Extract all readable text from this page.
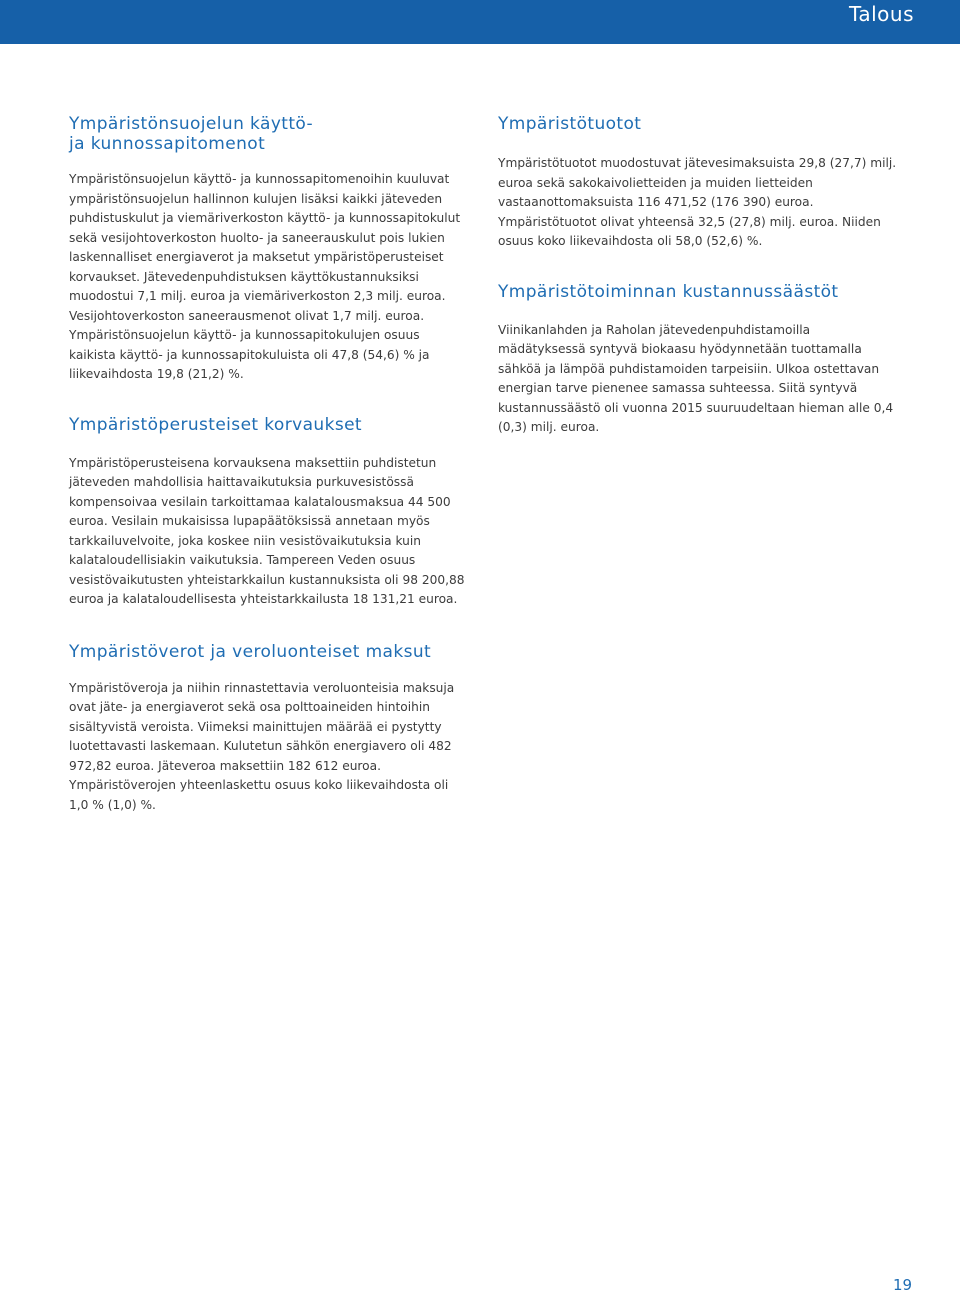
Talous
Ympäristönsuojelun käyttö- ja kunnossapitomenot

Ympäristönsuojelun käyttö- ja kunnossapitomenoihin kuuluvat ympäristönsuojelun hallinnon kulujen lisäksi kaikki jäteveden puhdistuskulut ja viemäriverkoston käyttö- ja kunnossapitokulut sekä vesijohtoverkoston huolto- ja saneerauskulut pois lukien laskennalliset energiaverot ja maksetut ympäristöperusteiset korvaukset. Jätevedenpuhdistuksen käyttökustannuksiksi muodostui 7,1 milj. euroa ja viemäriverkoston 2,3 milj. euroa. Vesijohtoverkoston saneerausmenot olivat 1,7 milj. euroa. Ympäristönsuojelun käyttö- ja kunnossapitokulujen osuus kaikista käyttö- ja kunnossapitokuluista oli 47,8 (54,6) % ja liikevaihdosta 19,8 (21,2) %.

Ympäristöperusteiset korvaukset

Ympäristöperusteisena korvauksena maksettiin puhdistetun jäteveden mahdollisia haittavaikutuksia purkuvesistössä kompensoivaa vesilain tarkoittamaa kalatalousmaksua 44 500 euroa. Vesilain mukaisissa lupapäätöksissä annetaan myös tarkkailuvelvoite, joka koskee niin vesistövaikutuksia kuin kalataloudellisiakin vaikutuksia. Tampereen Veden osuus vesistövaikutusten yhteistarkkailun kustannuksista oli 98 200,88 euroa ja kalataloudellisesta yhteistarkkailusta 18 131,21 euroa.

Ympäristöverot ja veroluonteiset maksut

Ympäristöveroja ja niihin rinnastettavia veroluonteisia maksuja ovat jäte- ja energiaverot sekä osa polttoaineiden hintoihin sisältyvistä veroista. Viimeksi mainittujen määrää ei pystytty luotettavasti laskemaan. Kulutetun sähkön energiavero oli 482 972,82 euroa. Jäteveroa maksettiin 182 612 euroa. Ympäristöverojen yhteenlaskettu osuus koko liikevaihdosta oli 1,0 % (1,0) %.

Ympäristötuotot

Ympäristötuotot muodostuvat jätevesimaksuista 29,8 (27,7) milj. euroa sekä sakokaivolietteiden ja muiden lietteiden vastaanottomaksuista 116 471,52 (176 390) euroa. Ympäristötuotot olivat yhteensä 32,5 (27,8) milj. euroa. Niiden osuus koko liikevaihdosta oli 58,0 (52,6) %.

Ympäristötoiminnan kustannussäästöt

Viinikanlahden ja Raholan jätevedenpuhdistamoilla mädätyksessä syntyvä biokaasu hyödynnetään tuottamalla sähköä ja lämpöä puhdistamoiden tarpeisiin. Ulkoa ostettavan energian tarve pienenee samassa suhteessa. Siitä syntyvä kustannussäästö oli vuonna 2015 suuruudeltaan hieman alle 0,4 (0,3) milj. euroa.

19
